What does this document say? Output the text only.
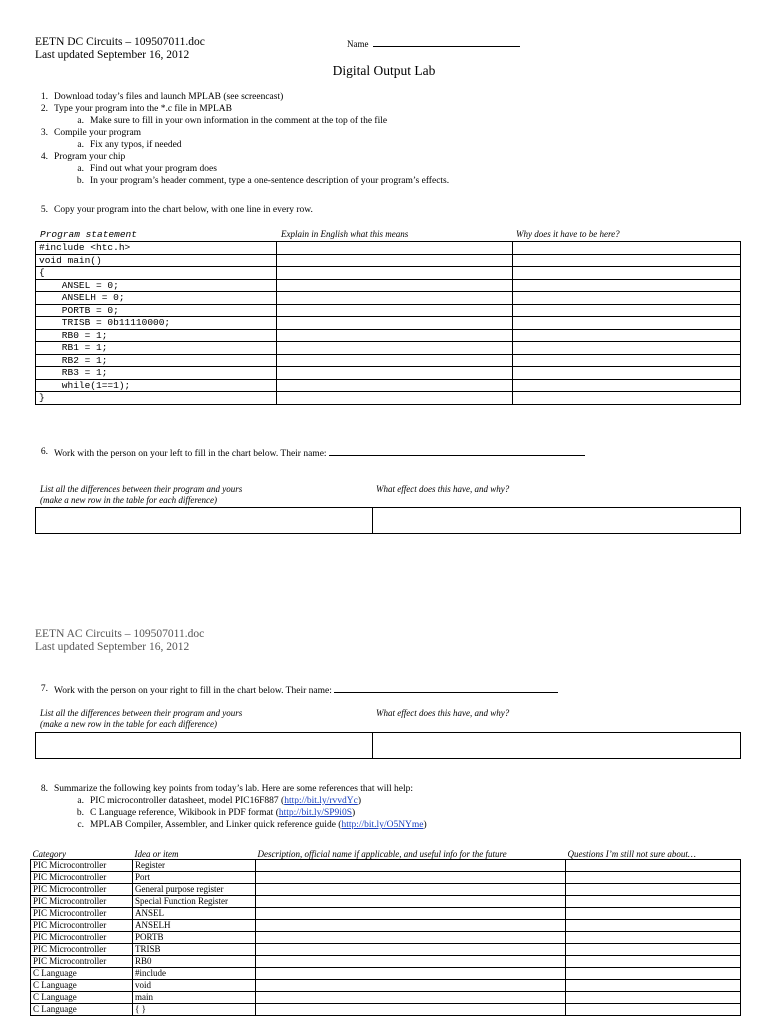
EETN DC Circuits – 109507011.doc
Last updated September 16, 2012
Name
Digital Output Lab
1. Download today’s files and launch MPLAB (see screencast)
2. Type your program into the *.c file in MPLAB
a. Make sure to fill in your own information in the comment at the top of the file
3. Compile your program
a. Fix any typos, if needed
4. Program your chip
a. Find out what your program does
b. In your program’s header comment, type a one-sentence description of your program’s effects.
5. Copy your program into the chart below, with one line in every row.
Program statement	Explain in English what this means	Why does it have to be here?
#include <htc.h>		
void main()		
{		
ANSEL = 0;		
ANSELH = 0;		
PORTB = 0;		
TRISB = 0b11110000;		
RB0 = 1;		
RB1 = 1;		
RB2 = 1;		
RB3 = 1;		
while(1==1);		
}		
6. Work with the person on your left to fill in the chart below. Their name:
List all the differences between their program and yours
(make a new row in the table for each difference)
What effect does this have, and why?

EETN AC Circuits – 109507011.doc
Last updated September 16, 2012
7. Work with the person on your right to fill in the chart below. Their name:
List all the differences between their program and yours
(make a new row in the table for each difference)
What effect does this have, and why?

8. Summarize the following key points from today’s lab. Here are some references that will help:
a. PIC microcontroller datasheet, model PIC16F887 (http://bit.ly/rvvdYc)
b. C Language reference, Wikibook in PDF format (http://bit.ly/SP9i0S)
c. MPLAB Compiler, Assembler, and Linker quick reference guide (http://bit.ly/O5NYme)
Category	Idea or item	Description, official name if applicable, and useful info for the future	Questions I’m still not sure about…
PIC Microcontroller	Register		
PIC Microcontroller	Port		
PIC Microcontroller	General purpose register		
PIC Microcontroller	Special Function Register		
PIC Microcontroller	ANSEL		
PIC Microcontroller	ANSELH		
PIC Microcontroller	PORTB		
PIC Microcontroller	TRISB		
PIC Microcontroller	RB0		
C Language	#include		
C Language	void		
C Language	main		
C Language	{ }		
